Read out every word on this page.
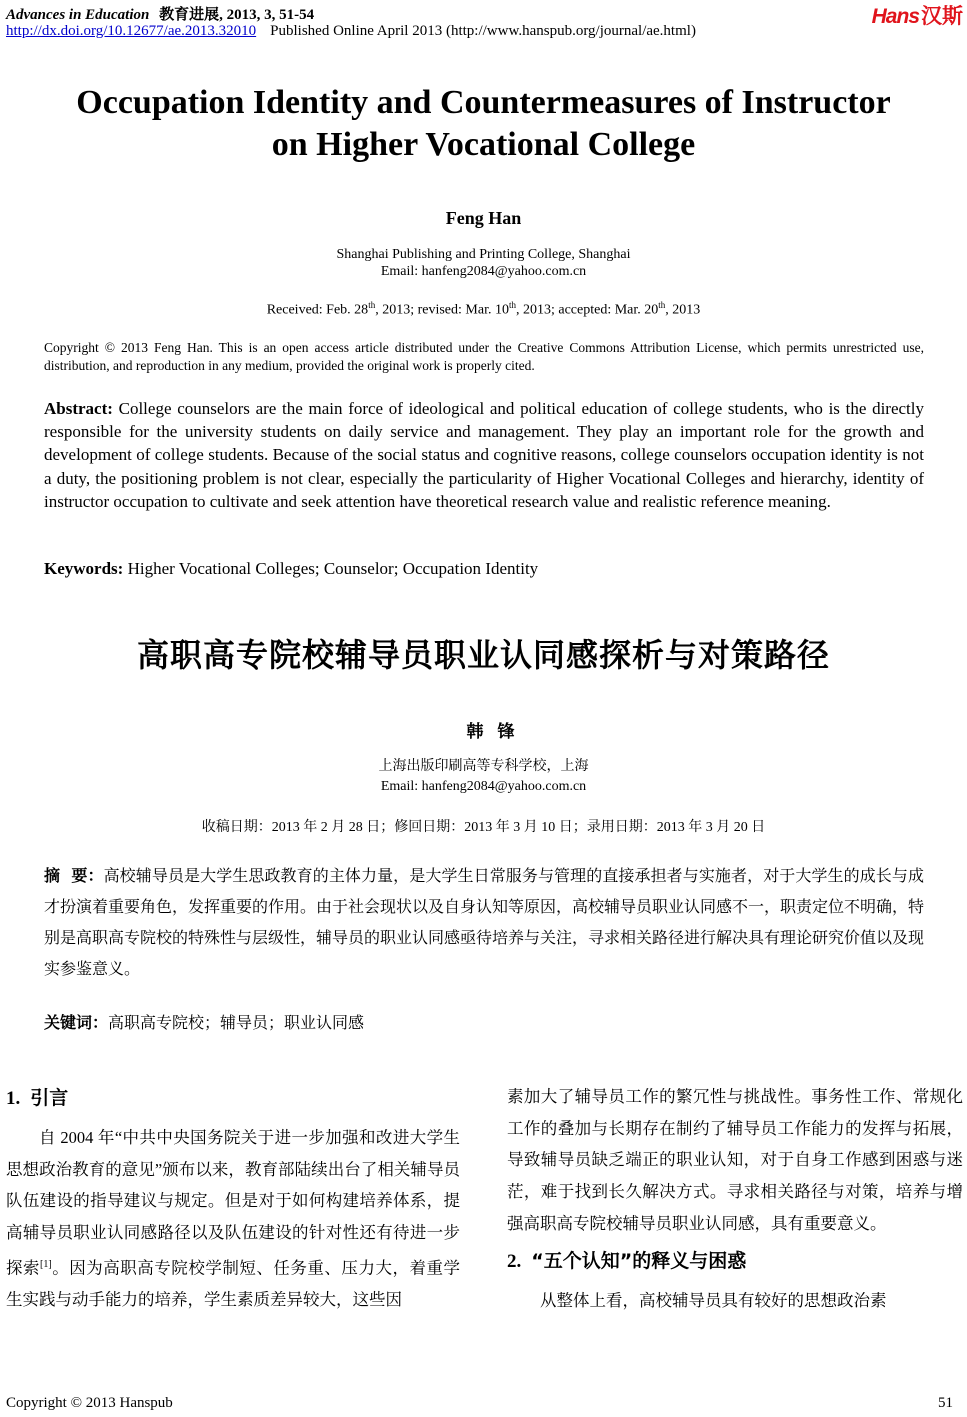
Advances in Education 教育进展, 2013, 3, 51-54
http://dx.doi.org/10.12677/ae.2013.32010 Published Online April 2013 (http://www.hanspub.org/journal/ae.html)
Hans汉斯
Occupation Identity and Countermeasures of Instructor
on Higher Vocational College
Feng Han
Shanghai Publishing and Printing College, Shanghai
Email: hanfeng2084@yahoo.com.cn
Received: Feb. 28th, 2013; revised: Mar. 10th, 2013; accepted: Mar. 20th, 2013
Copyright © 2013 Feng Han. This is an open access article distributed under the Creative Commons Attribution License, which permits unrestricted use, distribution, and reproduction in any medium, provided the original work is properly cited.
Abstract: College counselors are the main force of ideological and political education of college students, who is the directly responsible for the university students on daily service and management. They play an important role for the growth and development of college students. Because of the social status and cognitive reasons, college counselors occupation identity is not a duty, the positioning problem is not clear, especially the particularity of Higher Vocational Colleges and hierarchy, identity of instructor occupation to cultivate and seek attention have theoretical research value and realistic reference meaning.
Keywords: Higher Vocational Colleges; Counselor; Occupation Identity
高职高专院校辅导员职业认同感探析与对策路径
韩锋
上海出版印刷高等专科学校，上海
Email: hanfeng2084@yahoo.com.cn
收稿日期：2013 年 2 月 28 日；修回日期：2013 年 3 月 10 日；录用日期：2013 年 3 月 20 日
摘  要：高校辅导员是大学生思政教育的主体力量，是大学生日常服务与管理的直接承担者与实施者，对于大学生的成长与成才扮演着重要角色，发挥重要的作用。由于社会现状以及自身认知等原因，高校辅导员职业认同感不一，职责定位不明确，特别是高职高专院校的特殊性与层级性，辅导员的职业认同感亟待培养与关注，寻求相关路径进行解决具有理论研究价值以及现实参鉴意义。
关键词：高职高专院校；辅导员；职业认同感
1. 引言

自 2004 年“中共中央国务院关于进一步加强和改进大学生思想政治教育的意见”颁布以来，教育部陆续出台了相关辅导员队伍建设的指导建议与规定。但是对于如何构建培养体系，提高辅导员职业认同感路径以及队伍建设的针对性还有待进一步探索[1]。因为高职高专院校学制短、任务重、压力大，着重学生实践与动手能力的培养，学生素质差异较大，这些因

素加大了辅导员工作的繁冗性与挑战性。事务性工作、常规化工作的叠加与长期存在制约了辅导员工作能力的发挥与拓展，导致辅导员缺乏端正的职业认知，对于自身工作感到困惑与迷茫，难于找到长久解决方式。寻求相关路径与对策，培养与增强高职高专院校辅导员职业认同感，具有重要意义。

2. “五个认知”的释义与困惑

从整体上看，高校辅导员具有较好的思想政治素

Copyright © 2013 Hanspub	51
